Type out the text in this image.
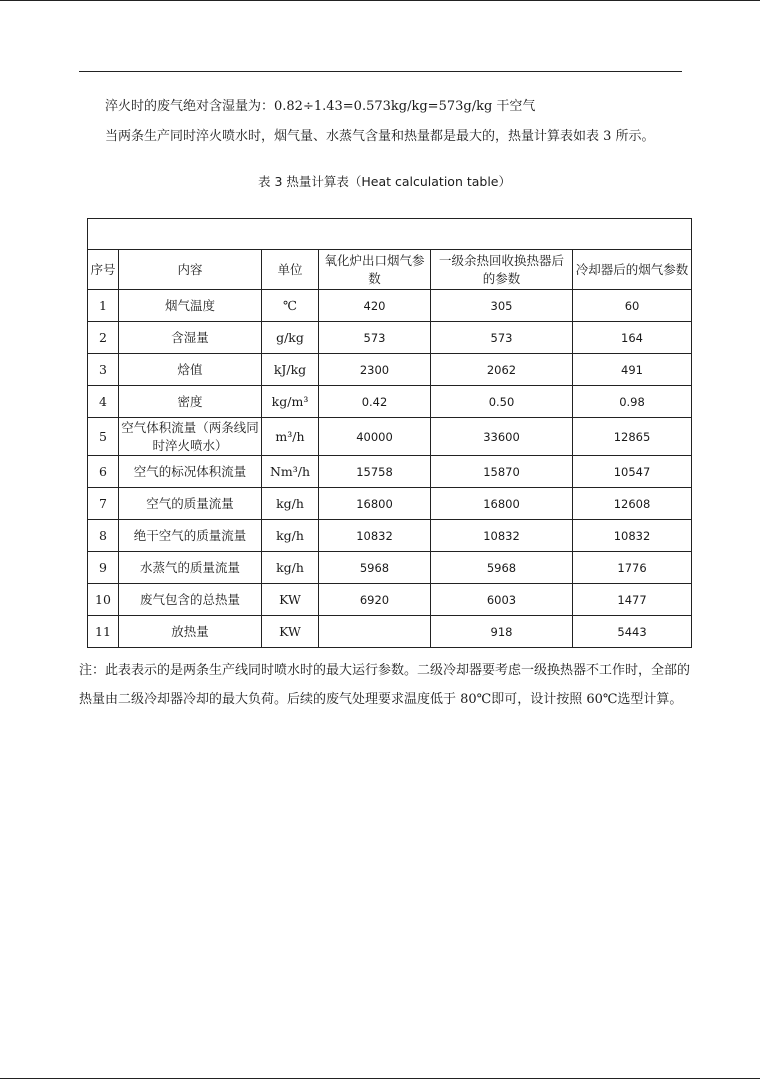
淬火时的废气绝对含湿量为：0.82÷1.43=0.573kg/kg=573g/kg 干空气

当两条生产同时淬火喷水时，烟气量、水蒸气含量和热量都是最大的，热量计算表如表 3 所示。

表 3 热量计算表（Heat calculation table）

序号	内容	单位	氧化炉出口烟气参数	一级余热回收换热器后的参数	冷却器后的烟气参数
1	烟气温度	℃	420	305	60
2	含湿量	g/kg	573	573	164
3	焓值	kJ/kg	2300	2062	491
4	密度	kg/m³	0.42	0.50	0.98
5	空气体积流量（两条线同时淬火喷水）	m³/h	40000	33600	12865
6	空气的标况体积流量	Nm³/h	15758	15870	10547
7	空气的质量流量	kg/h	16800	16800	12608
8	绝干空气的质量流量	kg/h	10832	10832	10832
9	水蒸气的质量流量	kg/h	5968	5968	1776
10	废气包含的总热量	KW	6920	6003	1477
11	放热量	KW		918	5443

注：此表表示的是两条生产线同时喷水时的最大运行参数。二级冷却器要考虑一级换热器不工作时，全部的热量由二级冷却器冷却的最大负荷。后续的废气处理要求温度低于 80℃即可，设计按照 60℃选型计算。
